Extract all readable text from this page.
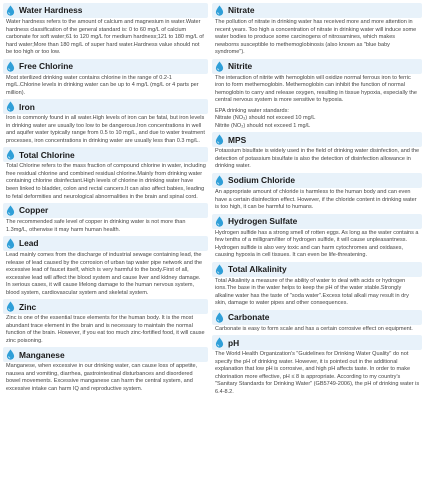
Water Hardness

Water hardness refers to the amount of calcium and magnesium in water.Water hardness classification of the general standard is: 0 to 60 mg/L of calcium carbonate for soft water;61 to 120 mg/L for medium hardness;121 to 180 mg/L of hard water;More than 180 mg/L of super hard water.Hardness value should not be too high or too low.

Free Chlorine

Most sterilized drinking water contains chlorine in the range of 0.2-1 mg/L.Chlorine levels in drinking water can be up to 4 mg/L (mg/L or 4 parts per million).

Iron

Iron is commonly found in all water.High levels of iron can be fatal, but iron levels in drinking water are usually too low to be dangerous.Iron concentrations in well and aquifer water typically range from 0.5 to 10 mg/L, and due to water treatment processes, iron concentrations in drinking water are usually less than 0.3 mg/L.

Total Chlorine

Total Chlorine refers to the mass fraction of compound chlorine in water, including free residual chlorine and combined residual chlorine.Mainly from drinking water containing chlorine disinfectant.High levels of chlorine in drinking water have been linked to bladder, colon and rectal cancers.It can also affect babies, leading to fetal deformities and neurological abnormalities in the brain and spinal cord.

Copper

The recommended safe level of copper in drinking water is not more than 1.3mg/L, otherwise it may harm human health.

Lead

Lead mainly comes from the discharge of industrial sewage containing lead, the release of lead caused by the corrosion of urban tap water pipe network and the excessive lead of faucet itself, which is very harmful to the body.First of all, excessive lead will affect the blood system and cause liver and kidney damage. In serious cases, it will cause lifelong damage to the human nervous system, blood system, cardiovascular system and skeletal system.

Zinc

Zinc is one of the essential trace elements for the human body. It is the most abundant trace element in the brain and is necessary to maintain the normal function of the brain. However, if you eat too much zinc-fortified food, it will cause zinc poisoning.

Manganese

Manganese, when excessive in our drinking water, can cause loss of appetite, nausea and vomiting, diarrhea, gastrointestinal disturbances and disordered bowel movements. Excessive manganese can harm the central system, and excessive intake can harm IQ and reproductive system.

Nitrate

The pollution of nitrate in drinking water has received more and more attention in recent years. Too high a concentration of nitrate in drinking water will induce some water bodies to produce some carcinogens of nitrosamines, which makes newborns susceptible to methemoglobinosis (also known as "blue baby syndrome").

Nitrite

The interaction of nitrite with hemoglobin will oxidize normal ferrous iron to ferric iron to form methemoglobin. Methemoglobin can inhibit the function of normal hemoglobin to carry and release oxygen, resulting in tissue hypoxia, especially the central nervous system is more sensitive to hypoxia.

EPA drinking water standards:

Nitrate (NO₃) should not exceed 10 mg/L

Nitrite (NO₂) should not exceed 1 mg/L

MPS

Potassium bisulfate is widely used in the field of drinking water disinfection, and the detection of potassium bisulfate is also the detection of disinfection allowance in drinking water.

Sodium Chloride

An appropriate amount of chloride is harmless to the human body and can even have a certain disinfection effect. However, if the chloride content in drinking water is too high, it can be harmful to humans.

Hydrogen Sulfate

Hydrogen sulfide has a strong smell of rotten eggs. As long as the water contains a few tenths of a milligram/liter of hydrogen sulfide, it will cause unpleasantness. Hydrogen sulfide is also very toxic and can harm cytochromes and oxidases, causing hypoxia in cell tissues. It can even be life-threatening.

Total Alkalinity

Total Alkalinity a measure of the ability of water to deal with acids or hydrogen ions.The base in the water helps to keep the pH of the water stable.Strongly alkaline water has the taste of "soda water".Excess total alkali may result in dry skin, damage to water pipes and other consequences.

Carbonate

Carbonate is easy to form scale and has a certain corrosive effect on equipment.

pH

The World Health Organization's "Guidelines for Drinking Water Quality" do not specify the pH of drinking water. However, it is pointed out in the additional explanation that low pH is corrosive, and high pH affects taste. In order to make chlorination more effective, pH ≤ 8 is appropriate. According to my country's "Sanitary Standards for Drinking Water" (GB5749-2006), the pH of drinking water is 6.4-8.2.
